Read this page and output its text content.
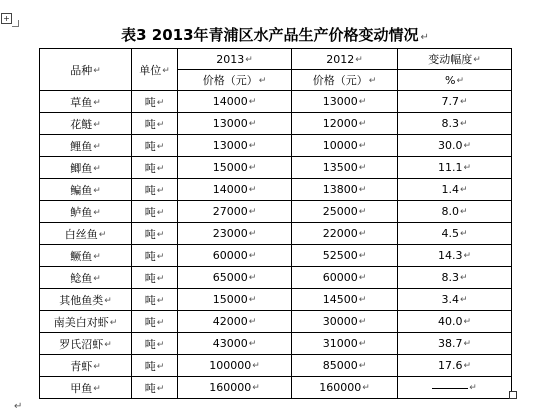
+
表3 2013年青浦区水产品生产价格变动情况 ↵
品种↵	单位↵	2013↵	2012↵	变动幅度↵
		价格（元）↵	价格（元）↵	%↵
草鱼↵	吨↵	14000↵	13000↵	7.7↵
花鲢↵	吨↵	13000↵	12000↵	8.3↵
鲤鱼↵	吨↵	13000↵	10000↵	30.0↵
鲫鱼↵	吨↵	15000↵	13500↵	11.1↵
鳊鱼↵	吨↵	14000↵	13800↵	1.4↵
鲈鱼↵	吨↵	27000↵	25000↵	8.0↵
白丝鱼↵	吨↵	23000↵	22000↵	4.5↵
鳜鱼↵	吨↵	60000↵	52500↵	14.3↵
鲶鱼↵	吨↵	65000↵	60000↵	8.3↵
其他鱼类↵	吨↵	15000↵	14500↵	3.4↵
南美白对虾↵	吨↵	42000↵	30000↵	40.0↵
罗氏沼虾↵	吨↵	43000↵	31000↵	38.7↵
青虾↵	吨↵	100000↵	85000↵	17.6↵
甲鱼↵	吨↵	160000↵	160000↵	↵
↵
